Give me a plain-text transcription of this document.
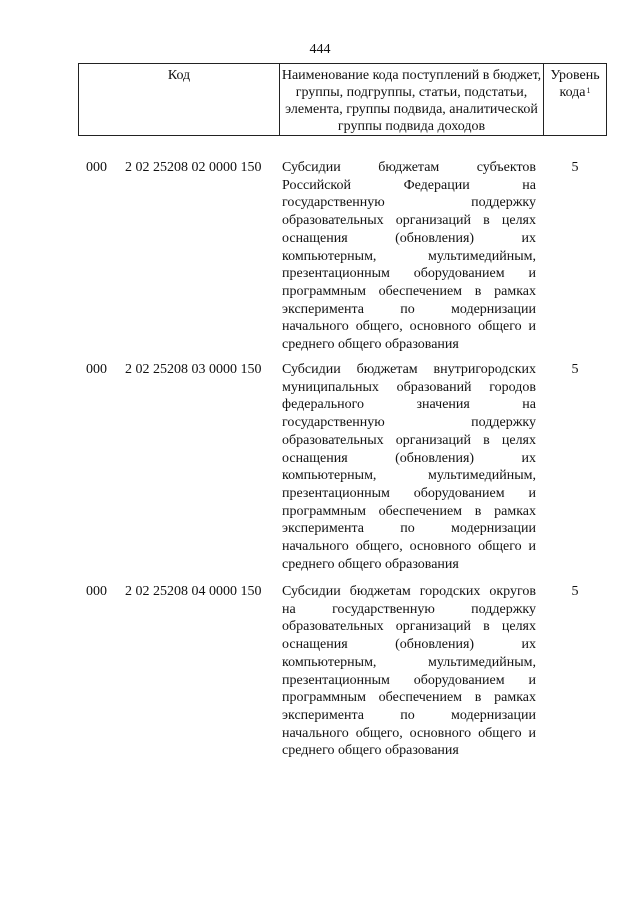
444
Код	Наименование кода поступлений в бюджет, группы, подгруппы, статьи, подстатьи, элемента, группы подвида, аналитической группы подвида доходов
Уровень кода$^1$
000 2 02 25208 02 0000 150 Субсидии бюджетам субъектов Российской Федерации на государственную поддержку образовательных организаций в целях оснащения (обновления) их компьютерным, мультимедийным, презентационным оборудованием и программным обеспечением в рамках эксперимента по модернизации начального общего, основного общего и среднего общего образования
5
000 2 02 25208 03 0000 150 Субсидии бюджетам внутригородских муниципальных образований городов федерального значения на государственную поддержку образовательных организаций в целях оснащения (обновления) их компьютерным, мультимедийным, презентационным оборудованием и программным обеспечением в рамках эксперимента по модернизации начального общего, основного общего и среднего общего образования
5
000 2 02 25208 04 0000 150 Субсидии бюджетам городских округов на государственную поддержку образовательных организаций в целях оснащения (обновления) их компьютерным, мультимедийным, презентационным оборудованием и программным обеспечением в рамках эксперимента по модернизации начального общего, основного общего и среднего общего образования
5
